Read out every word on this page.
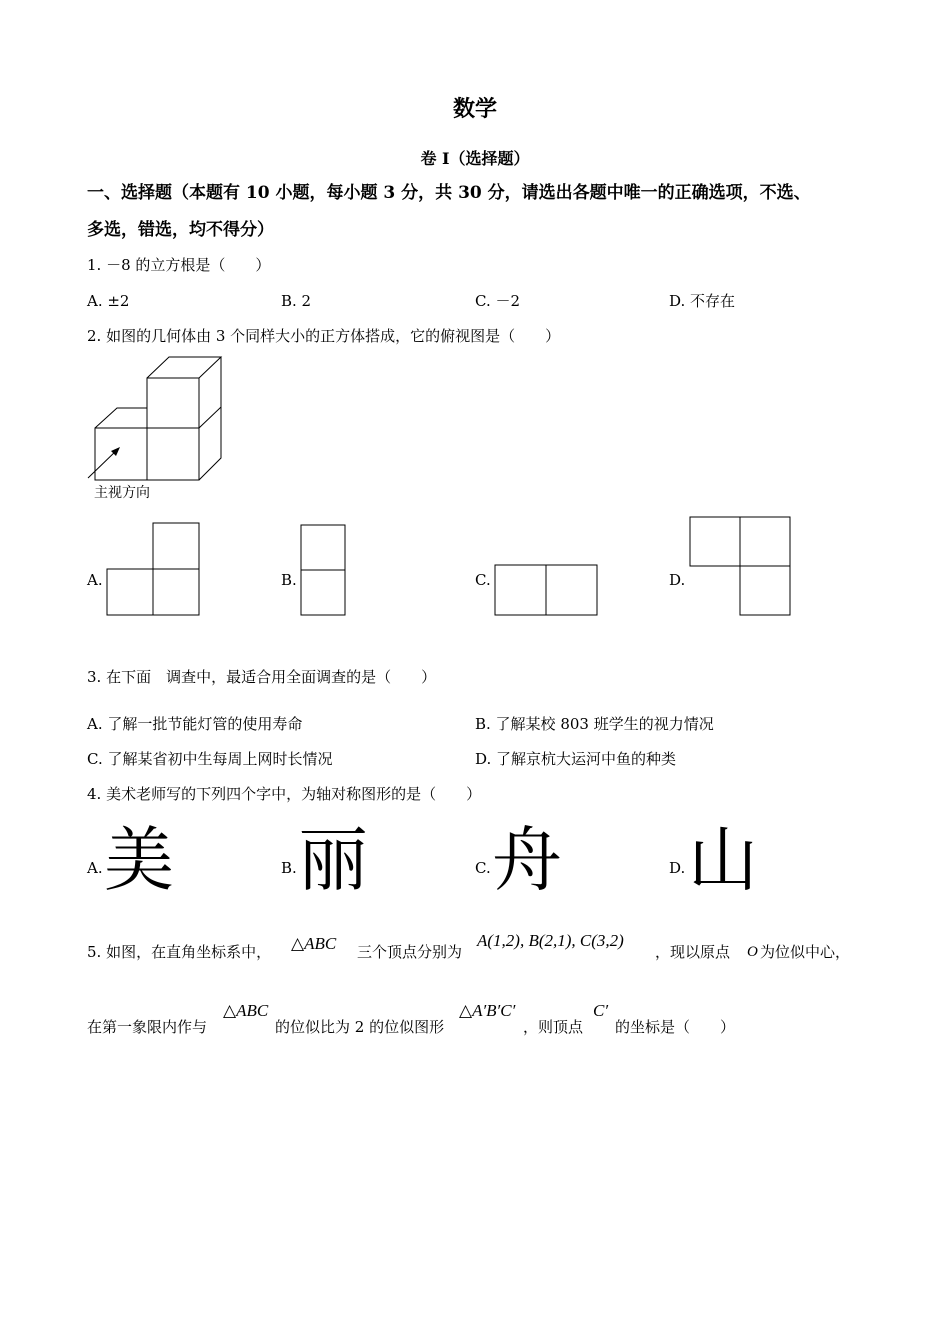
数学
卷 I（选择题）
一、选择题（本题有 10 小题，每小题 3 分，共 30 分，请选出各题中唯一的正确选项，不选、
多选，错选，均不得分）
1. －8 的立方根是（　　）
A. ±2	B. 2	C. －2	D. 不存在
2. 如图的几何体由 3 个同样大小的正方体搭成，它的俯视图是（　　）
主视方向
A.	B.	C.	D.
3. 在下面　调查中，最适合用全面调查的是（　　）
A. 了解一批节能灯管的使用寿命	B. 了解某校 803 班学生的视力情况
C. 了解某省初中生每周上网时长情况	D. 了解京杭大运河中鱼的种类
4. 美术老师写的下列四个字中，为轴对称图形的是（　　）
A. 美	B. 丽	C. 舟	D. 山
5. 如图，在直角坐标系中， △ABC 三个顶点分别为
A(1,2), B(2,1), C(3,2)
，现以原点 O 为位似中心，
在第一象限内作与
△ABC
的位似比为 2 的位似图形
△A′B′C′
，则顶点
C′
的坐标是（　　）
